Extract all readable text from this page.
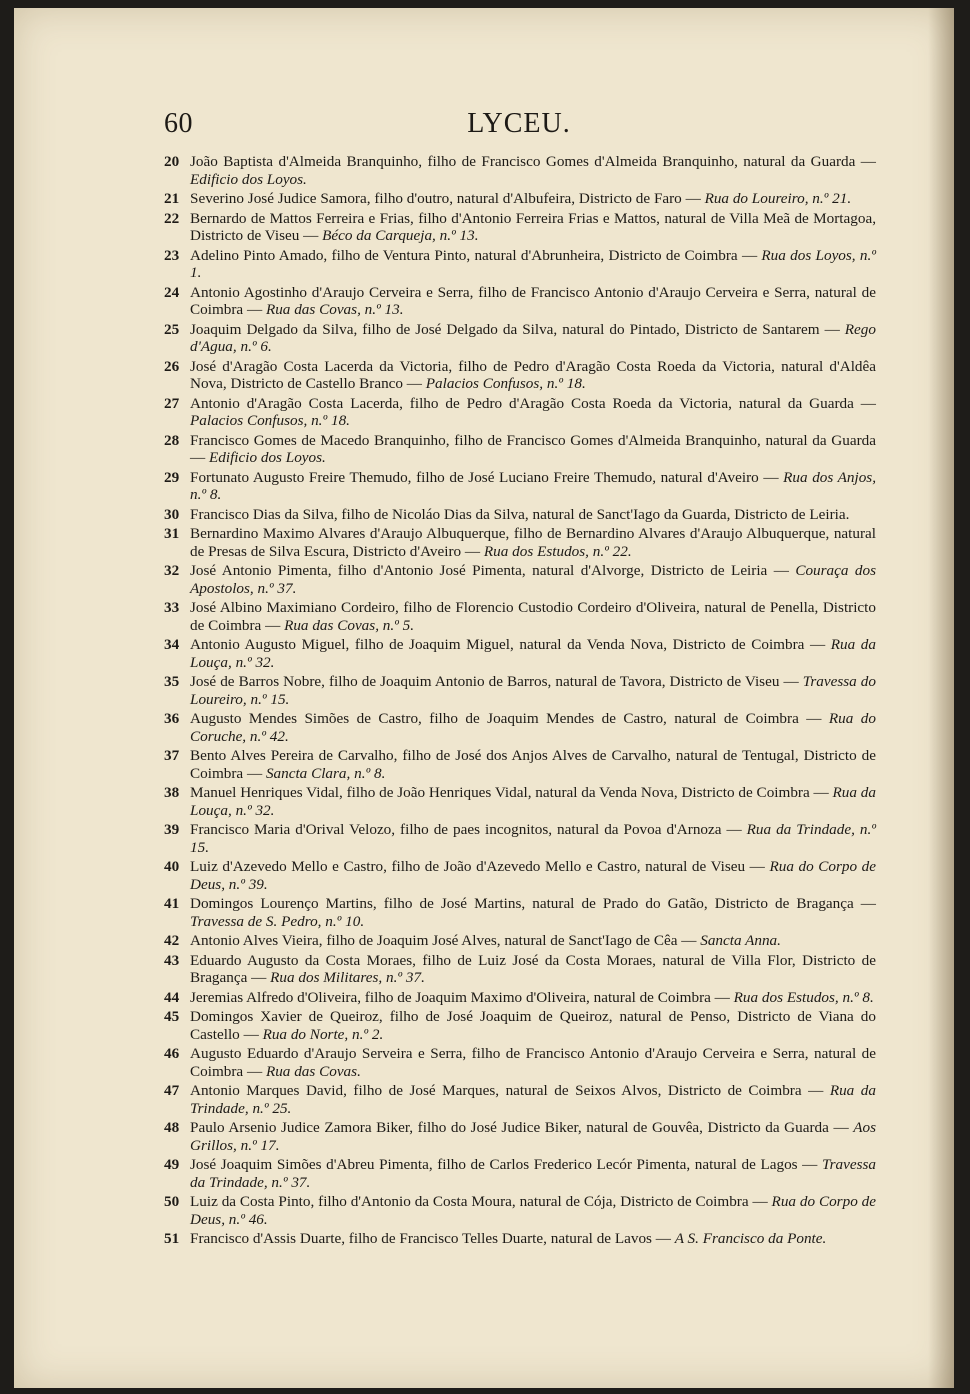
60	LYCEU.
20 João Baptista d'Almeida Branquinho, filho de Francisco Gomes d'Almeida Branquinho, natural da Guarda — Edificio dos Loyos.
21 Severino José Judice Samora, filho d'outro, natural d'Albufeira, Districto de Faro — Rua do Loureiro, n.º 21.
22 Bernardo de Mattos Ferreira e Frias, filho d'Antonio Ferreira Frias e Mattos, natural de Villa Meã de Mortagoa, Districto de Viseu — Béco da Carqueja, n.º 13.
23 Adelino Pinto Amado, filho de Ventura Pinto, natural d'Abrunheira, Districto de Coimbra — Rua dos Loyos, n.º 1.
24 Antonio Agostinho d'Araujo Cerveira e Serra, filho de Francisco Antonio d'Araujo Cerveira e Serra, natural de Coimbra — Rua das Covas, n.º 13.
25 Joaquim Delgado da Silva, filho de José Delgado da Silva, natural do Pintado, Districto de Santarem — Rego d'Agua, n.º 6.
26 José d'Aragão Costa Lacerda da Victoria, filho de Pedro d'Aragão Costa Roeda da Victoria, natural d'Aldêa Nova, Districto de Castello Branco — Palacios Confusos, n.º 18.
27 Antonio d'Aragão Costa Lacerda, filho de Pedro d'Aragão Costa Roeda da Victoria, natural da Guarda — Palacios Confusos, n.º 18.
28 Francisco Gomes de Macedo Branquinho, filho de Francisco Gomes d'Almeida Branquinho, natural da Guarda — Edificio dos Loyos.
29 Fortunato Augusto Freire Themudo, filho de José Luciano Freire Themudo, natural d'Aveiro — Rua dos Anjos, n.º 8.
30 Francisco Dias da Silva, filho de Nicoláo Dias da Silva, natural de Sanct'Iago da Guarda, Districto de Leiria.
31 Bernardino Maximo Alvares d'Araujo Albuquerque, filho de Bernardino Alvares d'Araujo Albuquerque, natural de Presas de Silva Escura, Districto d'Aveiro — Rua dos Estudos, n.º 22.
32 José Antonio Pimenta, filho d'Antonio José Pimenta, natural d'Alvorge, Districto de Leiria — Couraça dos Apostolos, n.º 37.
33 José Albino Maximiano Cordeiro, filho de Florencio Custodio Cordeiro d'Oliveira, natural de Penella, Districto de Coimbra — Rua das Covas, n.º 5.
34 Antonio Augusto Miguel, filho de Joaquim Miguel, natural da Venda Nova, Districto de Coimbra — Rua da Louça, n.º 32.
35 José de Barros Nobre, filho de Joaquim Antonio de Barros, natural de Tavora, Districto de Viseu — Travessa do Loureiro, n.º 15.
36 Augusto Mendes Simões de Castro, filho de Joaquim Mendes de Castro, natural de Coimbra — Rua do Coruche, n.º 42.
37 Bento Alves Pereira de Carvalho, filho de José dos Anjos Alves de Carvalho, natural de Tentugal, Districto de Coimbra — Sancta Clara, n.º 8.
38 Manuel Henriques Vidal, filho de João Henriques Vidal, natural da Venda Nova, Districto de Coimbra — Rua da Louça, n.º 32.
39 Francisco Maria d'Orival Velozo, filho de paes incognitos, natural da Povoa d'Arnoza — Rua da Trindade, n.º 15.
40 Luiz d'Azevedo Mello e Castro, filho de João d'Azevedo Mello e Castro, natural de Viseu — Rua do Corpo de Deus, n.º 39.
41 Domingos Lourenço Martins, filho de José Martins, natural de Prado do Gatão, Districto de Bragança — Travessa de S. Pedro, n.º 10.
42 Antonio Alves Vieira, filho de Joaquim José Alves, natural de Sanct'Iago de Cêa — Sancta Anna.
43 Eduardo Augusto da Costa Moraes, filho de Luiz José da Costa Moraes, natural de Villa Flor, Districto de Bragança — Rua dos Militares, n.º 37.
44 Jeremias Alfredo d'Oliveira, filho de Joaquim Maximo d'Oliveira, natural de Coimbra — Rua dos Estudos, n.º 8.
45 Domingos Xavier de Queiroz, filho de José Joaquim de Queiroz, natural de Penso, Districto de Viana do Castello — Rua do Norte, n.º 2.
46 Augusto Eduardo d'Araujo Serveira e Serra, filho de Francisco Antonio d'Araujo Cerveira e Serra, natural de Coimbra — Rua das Covas.
47 Antonio Marques David, filho de José Marques, natural de Seixos Alvos, Districto de Coimbra — Rua da Trindade, n.º 25.
48 Paulo Arsenio Judice Zamora Biker, filho do José Judice Biker, natural de Gouvêa, Districto da Guarda — Aos Grillos, n.º 17.
49 José Joaquim Simões d'Abreu Pimenta, filho de Carlos Frederico Lecór Pimenta, natural de Lagos — Travessa da Trindade, n.º 37.
50 Luiz da Costa Pinto, filho d'Antonio da Costa Moura, natural de Cója, Districto de Coimbra — Rua do Corpo de Deus, n.º 46.
51 Francisco d'Assis Duarte, filho de Francisco Telles Duarte, natural de Lavos — A S. Francisco da Ponte.
